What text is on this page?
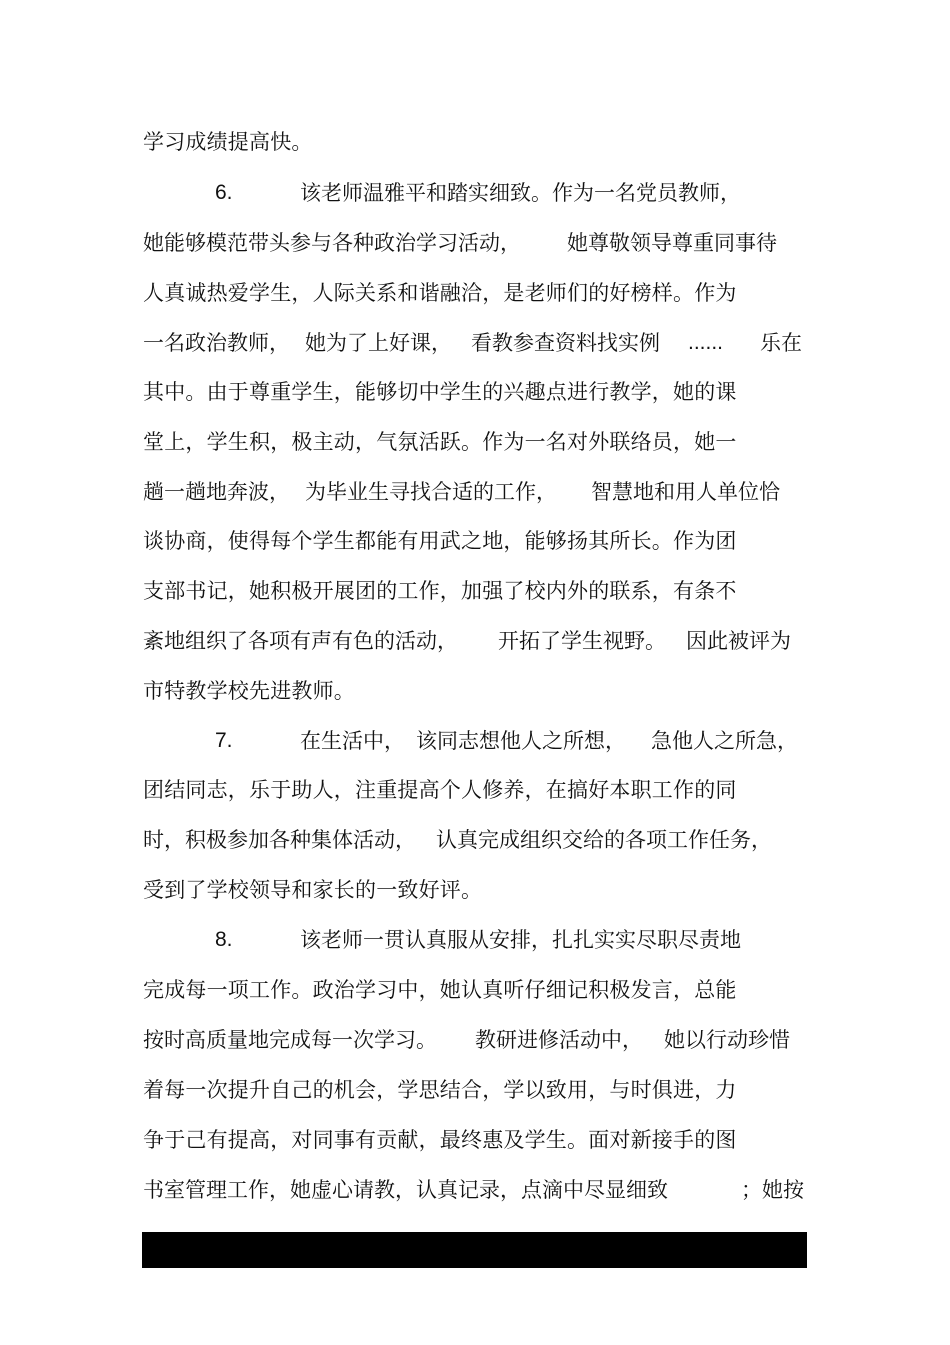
学习成绩提高快。
6.	该老师温雅平和踏实细致。作为一名党员教师，
她能够模范带头参与各种政治学习活动， 她尊敬领导尊重同事待
人真诚热爱学生，人际关系和谐融洽，是老师们的好榜样。作为
一名政治教师， 她为了上好课， 看教参查资料找实例 ...... 乐在
其中。由于尊重学生，能够切中学生的兴趣点进行教学，她的课
堂上，学生积，极主动，气氛活跃。作为一名对外联络员，她一
趟一趟地奔波， 为毕业生寻找合适的工作， 智慧地和用人单位恰
谈协商，使得每个学生都能有用武之地，能够扬其所长。作为团
支部书记，她积极开展团的工作，加强了校内外的联系，有条不
紊地组织了各项有声有色的活动， 开拓了学生视野。 因此被评为
市特教学校先进教师。
7.	在生活中， 该同志想他人之所想， 急他人之所急，
团结同志，乐于助人，注重提高个人修养，在搞好本职工作的同
时，积极参加各种集体活动， 认真完成组织交给的各项工作任务，
受到了学校领导和家长的一致好评。
8.	该老师一贯认真服从安排，扎扎实实尽职尽责地
完成每一项工作。政治学习中，她认真听仔细记积极发言，总能
按时高质量地完成每一次学习。 教研进修活动中， 她以行动珍惜
着每一次提升自己的机会，学思结合，学以致用，与时俱进，力
争于己有提高，对同事有贡献，最终惠及学生。面对新接手的图
书室管理工作，她虚心请教，认真记录，点滴中尽显细致	；她按
